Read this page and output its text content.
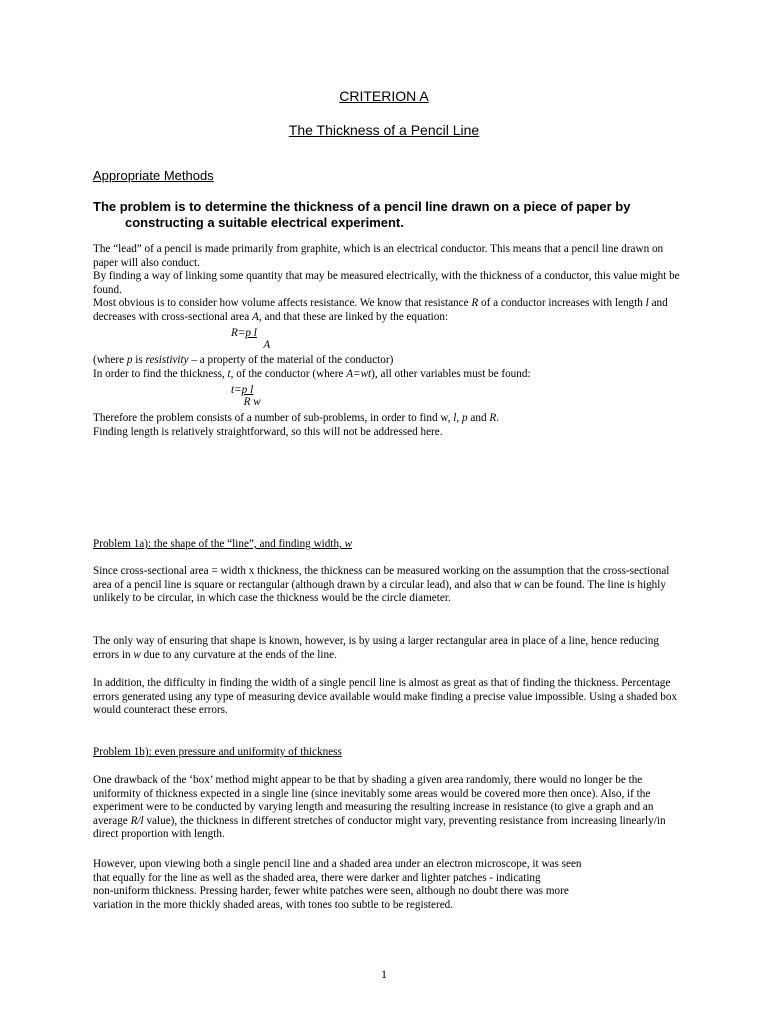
CRITERION A
The Thickness of a Pencil Line
Appropriate Methods
The problem is to determine the thickness of a pencil line drawn on a piece of paper by
constructing a suitable electrical experiment.

The “lead” of a pencil is made primarily from graphite, which is an electrical conductor. This means that a pencil line drawn on paper will also conduct.

By finding a way of linking some quantity that may be measured electrically, with the thickness of a conductor, this value might be found.

Most obvious is to consider how volume affects resistance. We know that resistance R of a conductor increases with length l and decreases with cross-sectional area A, and that these are linked by the equation:

$R=\frac{\text{p l}}{A}$

(where p is resistivity – a property of the material of the conductor)

In order to find the thickness, t, of the conductor (where A=wt), all other variables must be found:

$t=\frac{\text{p l}}{\text{R w}}$

Therefore the problem consists of a number of sub-problems, in order to find w, l, p and R.

Finding length is relatively straightforward, so this will not be addressed here.

Problem 1a): the shape of the “line”, and finding width, w

Since cross-sectional area = width x thickness, the thickness can be measured working on the assumption that the cross-sectional area of a pencil line is square or rectangular (although drawn by a circular lead), and also that w can be found. The line is highly unlikely to be circular, in which case the thickness would be the circle diameter.

The only way of ensuring that shape is known, however, is by using a larger rectangular area in place of a line, hence reducing errors in w due to any curvature at the ends of the line.

In addition, the difficulty in finding the width of a single pencil line is almost as great as that of finding the thickness. Percentage errors generated using any type of measuring device available would make finding a precise value impossible. Using a shaded box would counteract these errors.

Problem 1b): even pressure and uniformity of thickness

One drawback of the ‘box’ method might appear to be that by shading a given area randomly, there would no longer be the uniformity of thickness expected in a single line (since inevitably some areas would be covered more then once). Also, if the experiment were to be conducted by varying length and measuring the resulting increase in resistance (to give a graph and an average R/l value), the thickness in different stretches of conductor might vary, preventing resistance from increasing linearly/in direct proportion with length.

However, upon viewing both a single pencil line and a shaded area under an electron microscope, it was seen

that equally for the line as well as the shaded area, there were darker and lighter patches - indicating

non-uniform thickness. Pressing harder, fewer white patches were seen, although no doubt there was more

variation in the more thickly shaded areas, with tones too subtle to be registered.

1
